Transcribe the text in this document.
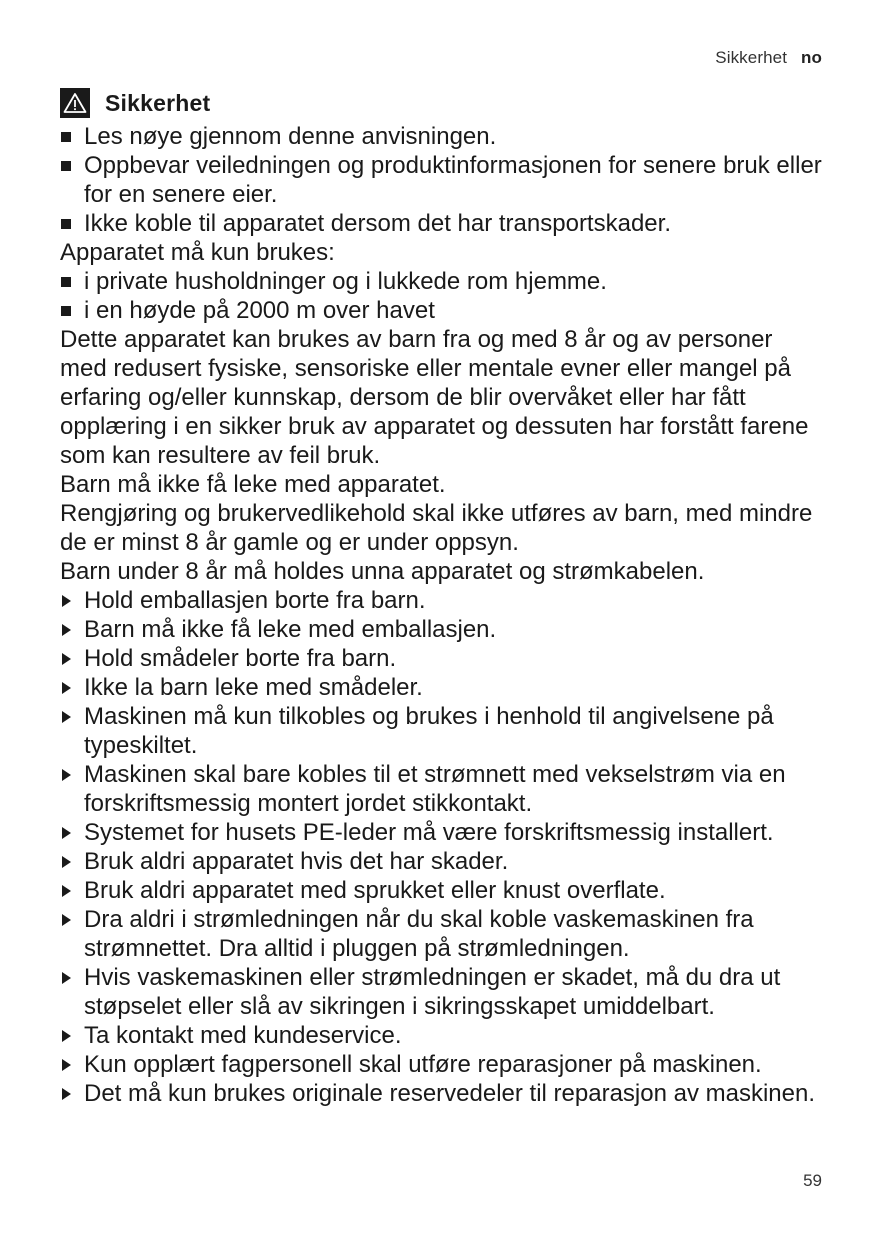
Sikkerhet no
Sikkerhet
Les nøye gjennom denne anvisningen.
Oppbevar veiledningen og produktinformasjonen for senere bruk eller for en senere eier.
Ikke koble til apparatet dersom det har transportskader.
Apparatet må kun brukes:
i private husholdninger og i lukkede rom hjemme.
i en høyde på 2000 m over havet
Dette apparatet kan brukes av barn fra og med 8 år og av personer med redusert fysiske, sensoriske eller mentale evner eller mangel på erfaring og/eller kunnskap, dersom de blir overvåket eller har fått opplæring i en sikker bruk av apparatet og dessuten har forstått farene som kan resultere av feil bruk.
Barn må ikke få leke med apparatet.
Rengjøring og brukervedlikehold skal ikke utføres av barn, med mindre de er minst 8 år gamle og er under oppsyn.
Barn under 8 år må holdes unna apparatet og strømkabelen.
Hold emballasjen borte fra barn.
Barn må ikke få leke med emballasjen.
Hold smådeler borte fra barn.
Ikke la barn leke med smådeler.
Maskinen må kun tilkobles og brukes i henhold til angivelsene på typeskiltet.
Maskinen skal bare kobles til et strømnett med vekselstrøm via en forskriftsmessig montert jordet stikkontakt.
Systemet for husets PE-leder må være forskriftsmessig installert.
Bruk aldri apparatet hvis det har skader.
Bruk aldri apparatet med sprukket eller knust overflate.
Dra aldri i strømledningen når du skal koble vaskemaskinen fra strømnettet. Dra alltid i pluggen på strømledningen.
Hvis vaskemaskinen eller strømledningen er skadet, må du dra ut støpselet eller slå av sikringen i sikringsskapet umiddelbart.
Ta kontakt med kundeservice.
Kun opplært fagpersonell skal utføre reparasjoner på maskinen.
Det må kun brukes originale reservedeler til reparasjon av maskinen.
59
